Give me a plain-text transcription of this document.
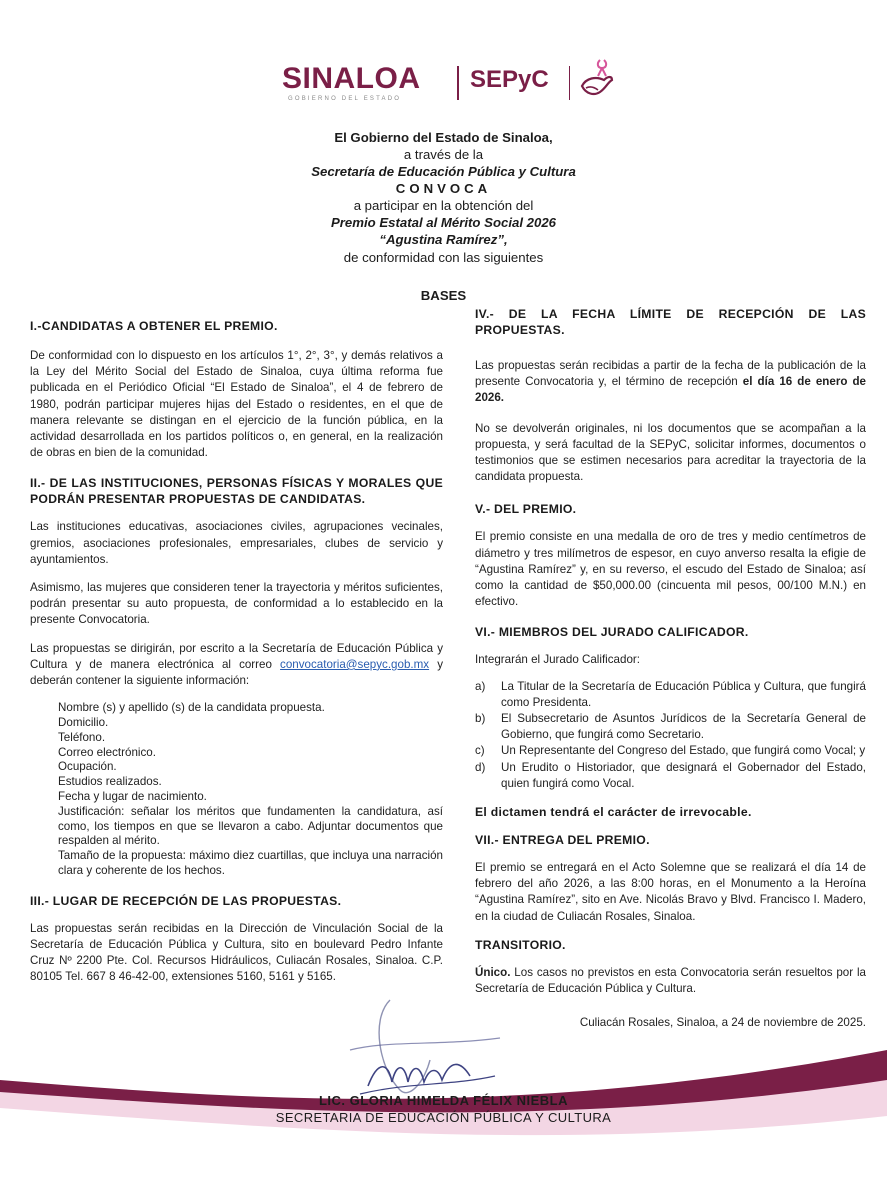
SINALOA
GOBIERNO DEL ESTADO
SEPyC
El Gobierno del Estado de Sinaloa,
a través de la
Secretaría de Educación Pública y Cultura
CONVOCA
a participar en la obtención del
Premio Estatal al Mérito Social 2026
“Agustina Ramírez”,
de conformidad con las siguientes
BASES
I.-CANDIDATAS A OBTENER EL PREMIO.

De conformidad con lo dispuesto en los artículos 1°, 2°, 3°, y demás relativos a la Ley del Mérito Social del Estado de Sinaloa, cuya última reforma fue publicada en el Periódico Oficial “El Estado de Sinaloa”, el 4 de febrero de 1980, podrán participar mujeres hijas del Estado o residentes, en el que de manera relevante se distingan en el ejercicio de la función pública, en la actividad desarrollada en los partidos políticos o, en general, en la realización de obras en bien de la comunidad.

II.- DE LAS INSTITUCIONES, PERSONAS FÍSICAS Y MORALES QUE PODRÁN PRESENTAR PROPUESTAS DE CANDIDATAS.

Las instituciones educativas, asociaciones civiles, agrupaciones vecinales, gremios, asociaciones profesionales, empresariales, clubes de servicio y ayuntamientos.

Asimismo, las mujeres que consideren tener la trayectoria y méritos suficientes, podrán presentar su auto propuesta, de conformidad a lo establecido en la presente Convocatoria.

Las propuestas se dirigirán, por escrito a la Secretaría de Educación Pública y Cultura y de manera electrónica al correo convocatoria@sepyc.gob.mx y deberán contener la siguiente información:

Nombre (s) y apellido (s) de la candidata propuesta.
Domicilio.
Teléfono.
Correo electrónico.
Ocupación.
Estudios realizados.
Fecha y lugar de nacimiento.
Justificación: señalar los méritos que fundamenten la candidatura, así como, los tiempos en que se llevaron a cabo. Adjuntar documentos que respalden al mérito.
Tamaño de la propuesta: máximo diez cuartillas, que incluya una narración clara y coherente de los hechos.
III.- LUGAR DE RECEPCIÓN DE LAS PROPUESTAS.

Las propuestas serán recibidas en la Dirección de Vinculación Social de la Secretaría de Educación Pública y Cultura, sito en boulevard Pedro Infante Cruz Nº 2200 Pte. Col. Recursos Hidráulicos, Culiacán Rosales, Sinaloa. C.P. 80105 Tel. 667 8 46-42-00, extensiones 5160, 5161 y 5165.

IV.- DE LA FECHA LÍMITE DE RECEPCIÓN DE LAS PROPUESTAS.

Las propuestas serán recibidas a partir de la fecha de la publicación de la presente Convocatoria y, el término de recepción el día 16 de enero de 2026.

No se devolverán originales, ni los documentos que se acompañan a la propuesta, y será facultad de la SEPyC, solicitar informes, documentos o testimonios que se estimen necesarios para acreditar la trayectoria de la candidata propuesta.

V.- DEL PREMIO.

El premio consiste en una medalla de oro de tres y medio centímetros de diámetro y tres milímetros de espesor, en cuyo anverso resalta la efigie de “Agustina Ramírez” y, en su reverso, el escudo del Estado de Sinaloa; así como la cantidad de $50,000.00 (cincuenta mil pesos, 00/100 M.N.) en efectivo.

VI.- MIEMBROS DEL JURADO CALIFICADOR.

Integrarán el Jurado Calificador:

a)	La Titular de la Secretaría de Educación Pública y Cultura, que fungirá como Presidenta.
b)	El Subsecretario de Asuntos Jurídicos de la Secretaría General de Gobierno, que fungirá como Secretario.
c)	Un Representante del Congreso del Estado, que fungirá como Vocal; y
d)	Un Erudito o Historiador, que designará el Gobernador del Estado, quien fungirá como Vocal.

El dictamen tendrá el carácter de irrevocable.

VII.- ENTREGA DEL PREMIO.

El premio se entregará en el Acto Solemne que se realizará el día 14 de febrero del año 2026, a las 8:00 horas, en el Monumento a la Heroína “Agustina Ramírez”, sito en Ave. Nicolás Bravo y Blvd. Francisco I. Madero, en la ciudad de Culiacán Rosales, Sinaloa.

TRANSITORIO.

Único. Los casos no previstos en esta Convocatoria serán resueltos por la Secretaría de Educación Pública y Cultura.

Culiacán Rosales, Sinaloa, a 24 de noviembre de 2025.

LIC. GLORIA HIMELDA FÉLIX NIEBLA
SECRETARIA DE EDUCACIÓN PÚBLICA Y CULTURA
